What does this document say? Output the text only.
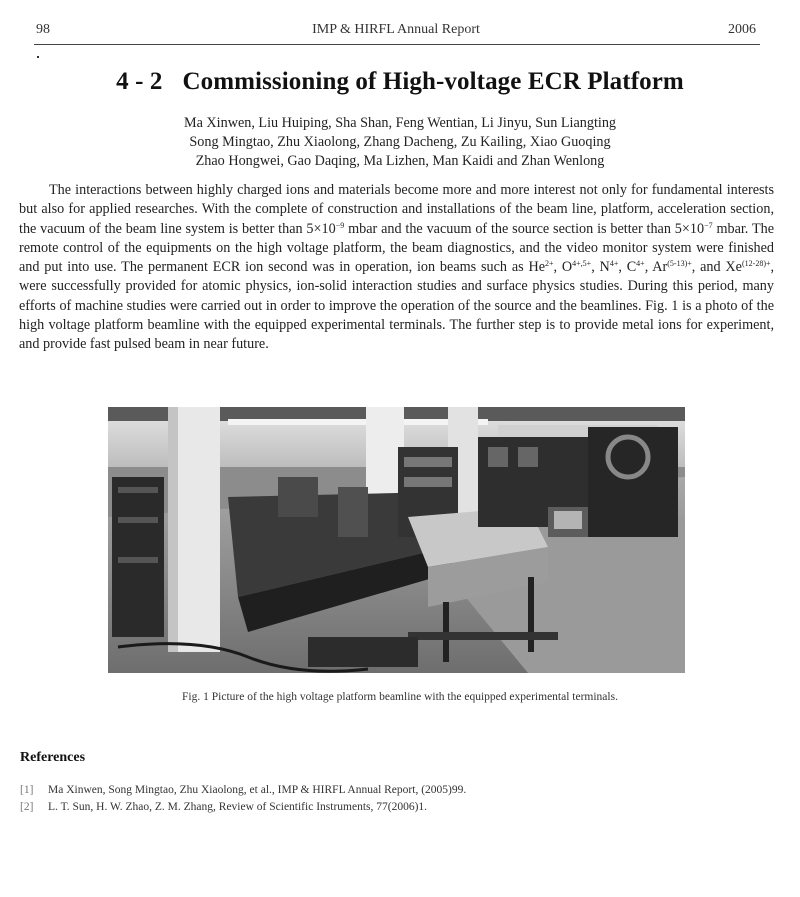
98	IMP & HIRFL Annual Report	2006
4 - 2 Commissioning of High-voltage ECR Platform
Ma Xinwen, Liu Huiping, Sha Shan, Feng Wentian, Li Jinyu, Sun Liangting
Song Mingtao, Zhu Xiaolong, Zhang Dacheng, Zu Kailing, Xiao Guoqing
Zhao Hongwei, Gao Daqing, Ma Lizhen, Man Kaidi and Zhan Wenlong
The interactions between highly charged ions and materials become more and more interest not only for fundamental interests but also for applied researches. With the complete of construction and installations of the beam line, platform, acceleration section, the vacuum of the beam line system is better than $5\times 10^{-9}$ mbar and the vacuum of the source section is better than $5\times 10^{-7}$ mbar. The remote control of the equipments on the high voltage platform, the beam diagnostics, and the video monitor system were finished and put into use. The permanent ECR ion second was in operation, ion beams such as $He^{2+}$, $O^{4+,5+}$, $N^{4+}$, $C^{4+}$, $Ar^{(5-13)+}$, and $Xe^{(12-28)+}$, were successfully provided for atomic physics, ion-solid interaction studies and surface physics studies. During this period, many efforts of machine studies were carried out in order to improve the operation of the source and the beamlines. Fig. 1 is a photo of the high voltage platform beamline with the equipped experimental terminals. The further step is to provide metal ions for experiment, and provide fast pulsed beam in near future.
Fig. 1 Picture of the high voltage platform beamline with the equipped experimental terminals.
References
[1] Ma Xinwen, Song Mingtao, Zhu Xiaolong, et al., IMP & HIRFL Annual Report, (2005)99.
[2] L. T. Sun, H. W. Zhao, Z. M. Zhang, Review of Scientific Instruments, 77(2006)1.
